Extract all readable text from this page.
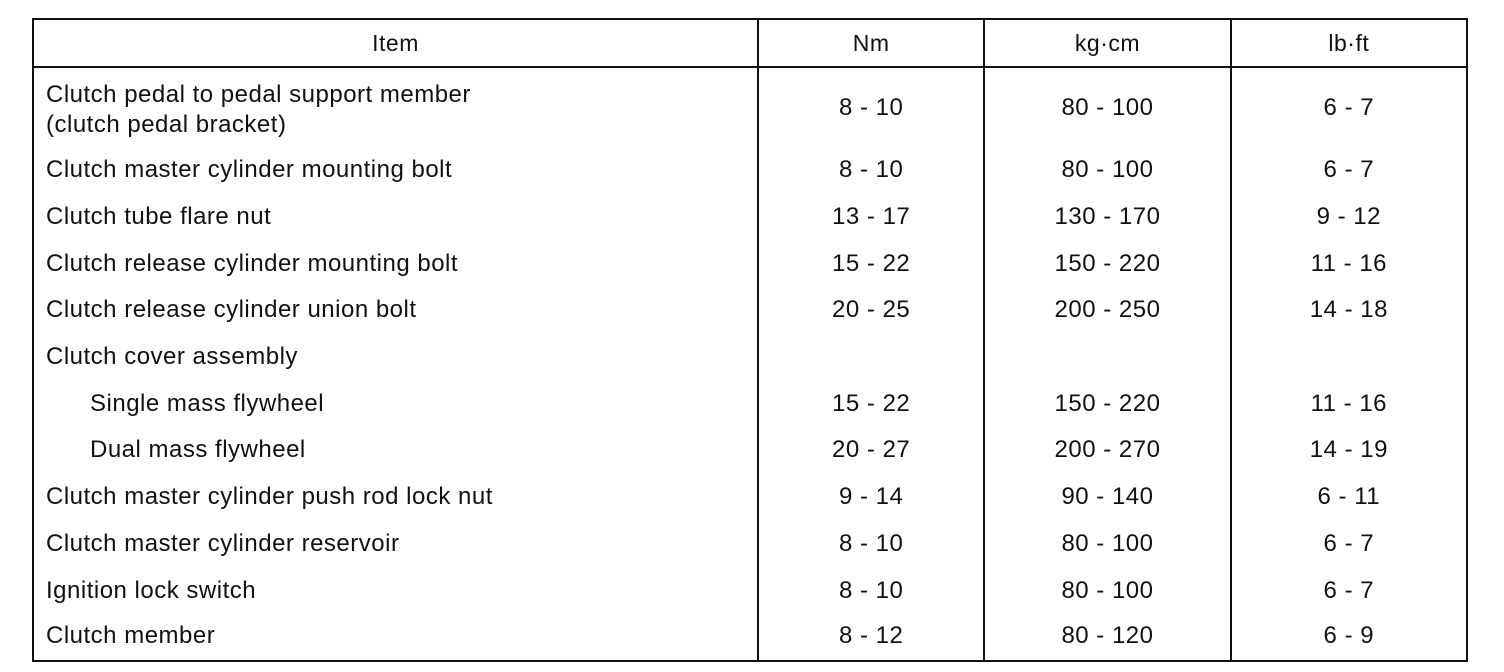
Item	Nm	kg·cm	lb·ft

Clutch pedal to pedal support member
(clutch pedal bracket)	8 - 10	80 - 100	6 - 7
Clutch master cylinder mounting bolt	8 - 10	80 - 100	6 - 7
Clutch tube flare nut	13 - 17	130 - 170	9 - 12
Clutch release cylinder mounting bolt	15 - 22	150 - 220	11 - 16
Clutch release cylinder union bolt	20 - 25	200 - 250	14 - 18
Clutch cover assembly			
Single mass flywheel	15 - 22	150 - 220	11 - 16
Dual mass flywheel	20 - 27	200 - 270	14 - 19
Clutch master cylinder push rod lock nut	9 - 14	90 - 140	6 - 11
Clutch master cylinder reservoir	8 - 10	80 - 100	6 - 7
Ignition lock switch	8 - 10	80 - 100	6 - 7
Clutch member	8 - 12	80 - 120	6 - 9
